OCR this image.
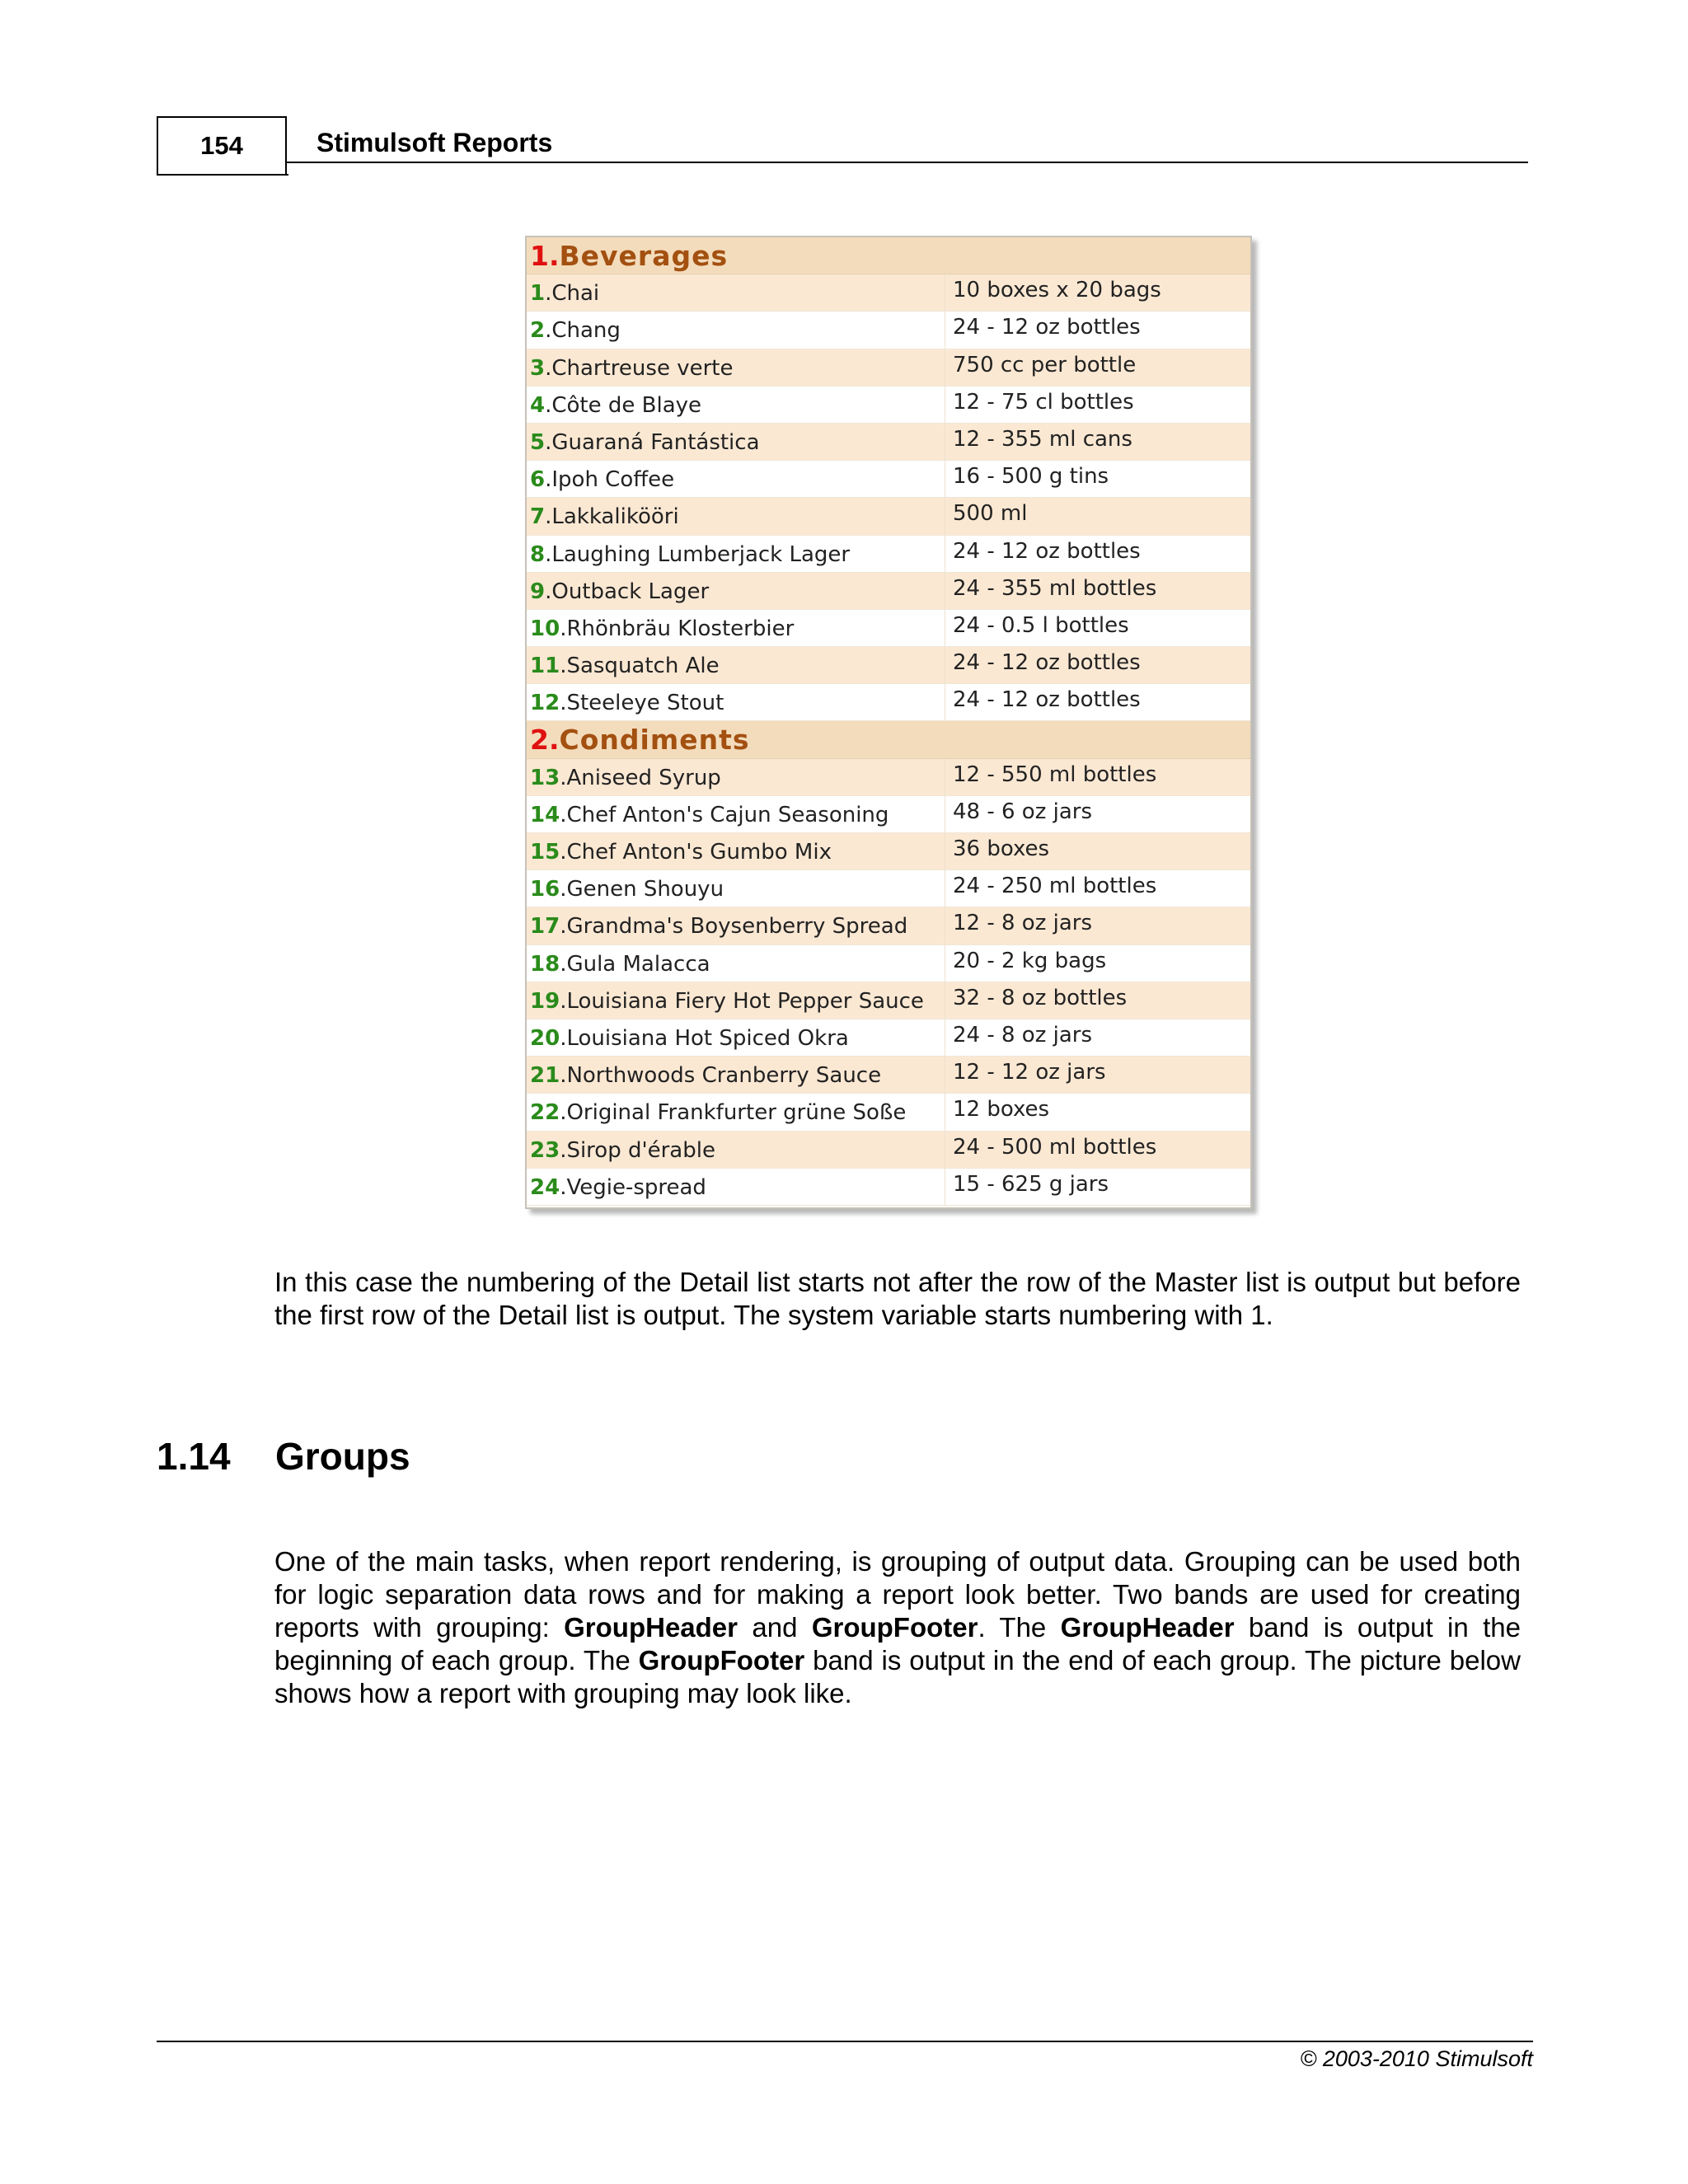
154	Stimulsoft Reports
1. Beverages
1.Chai	10 boxes x 20 bags
2.Chang	24 - 12 oz bottles
3.Chartreuse verte	750 cc per bottle
4.Côte de Blaye	12 - 75 cl bottles
5.Guaraná Fantástica	12 - 355 ml cans
6.Ipoh Coffee	16 - 500 g tins
7.Lakkalikööri	500 ml
8.Laughing Lumberjack Lager	24 - 12 oz bottles
9.Outback Lager	24 - 355 ml bottles
10.Rhönbräu Klosterbier	24 - 0.5 l bottles
11.Sasquatch Ale	24 - 12 oz bottles
12.Steeleye Stout	24 - 12 oz bottles
2. Condiments
13.Aniseed Syrup	12 - 550 ml bottles
14.Chef Anton's Cajun Seasoning	48 - 6 oz jars
15.Chef Anton's Gumbo Mix	36 boxes
16.Genen Shouyu	24 - 250 ml bottles
17.Grandma's Boysenberry Spread 12 - 8 oz jars
18.Gula Malacca	20 - 2 kg bags
19.Louisiana Fiery Hot Pepper Sauce 32 - 8 oz bottles
20.Louisiana Hot Spiced Okra	24 - 8 oz jars
21.Northwoods Cranberry Sauce	12 - 12 oz jars
22.Original Frankfurter grüne Soße 12 boxes
23.Sirop d'érable	24 - 500 ml bottles
24.Vegie-spread	15 - 625 g jars
In this case the numbering of the Detail list starts not after the row of the Master list is output but before the first row of the Detail list is output. The system variable starts numbering with 1.
1.14 Groups
One of the main tasks, when report rendering, is grouping of output data. Grouping can be used both for logic separation data rows and for making a report look better. Two bands are used for creating reports with grouping: GroupHeader and GroupFooter. The GroupHeader band is output in the beginning of each group. The GroupFooter band is output in the end of each group. The picture below shows how a report with grouping may look like.
© 2003-2010 Stimulsoft
